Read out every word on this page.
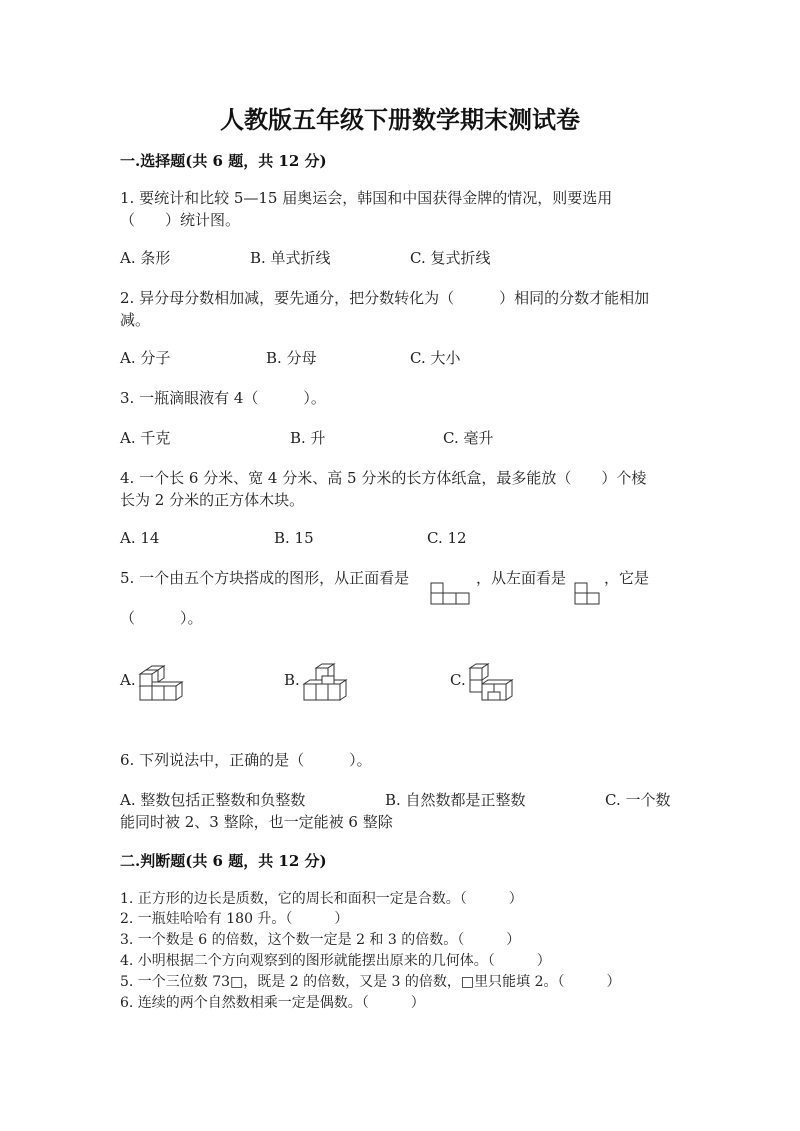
人教版五年级下册数学期末测试卷
一.选择题(共 6 题，共 12 分)
1. 要统计和比较 5—15 届奥运会，韩国和中国获得金牌的情况，则要选用
（　　）统计图。
A. 条形	B. 单式折线	C. 复式折线
2. 异分母分数相加减，要先通分，把分数转化为（　　　）相同的分数才能相加
减。
A. 分子	B. 分母	C. 大小
3. 一瓶滴眼液有 4（　　　）。
A. 千克	B. 升	C. 毫升
4. 一个长 6 分米、宽 4 分米、高 5 分米的长方体纸盒，最多能放（　　）个棱
长为 2 分米的正方体木块。
A. 14	B. 15	C. 12
5. 一个由五个方块搭成的图形，从正面看是	，从左面看是	，它是
（　　　）。
A.	B.	C.
6. 下列说法中，正确的是（　　　）。
A. 整数包括正整数和负整数	B. 自然数都是正整数	C. 一个数
能同时被 2、3 整除，也一定能被 6 整除
二.判断题(共 6 题，共 12 分)
1. 正方形的边长是质数，它的周长和面积一定是合数。（　　　）
2. 一瓶娃哈哈有 180 升。（　　　）
3. 一个数是 6 的倍数，这个数一定是 2 和 3 的倍数。（　　　）
4. 小明根据二个方向观察到的图形就能摆出原来的几何体。（　　　）
5. 一个三位数 73□，既是 2 的倍数，又是 3 的倍数，□里只能填 2。（　　　）
6. 连续的两个自然数相乘一定是偶数。（　　　）
